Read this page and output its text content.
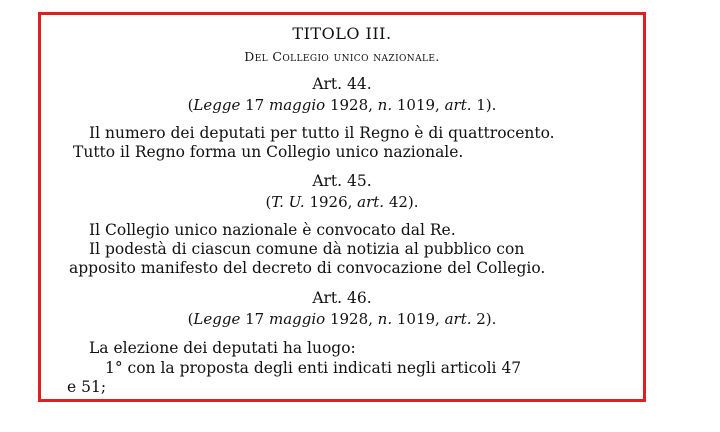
TITOLO III.
Del Collegio unico nazionale.
Art. 44.
(Legge 17 maggio 1928, n. 1019, art. 1).
Il numero dei deputati per tutto il Regno è di quattrocento.
Tutto il Regno forma un Collegio unico nazionale.
Art. 45.
(T. U. 1926, art. 42).
Il Collegio unico nazionale è convocato dal Re.
Il podestà di ciascun comune dà notizia al pubblico con
apposito manifesto del decreto di convocazione del Collegio.
Art. 46.
(Legge 17 maggio 1928, n. 1019, art. 2).
La elezione dei deputati ha luogo:
1° con la proposta degli enti indicati negli articoli 47
e 51;
